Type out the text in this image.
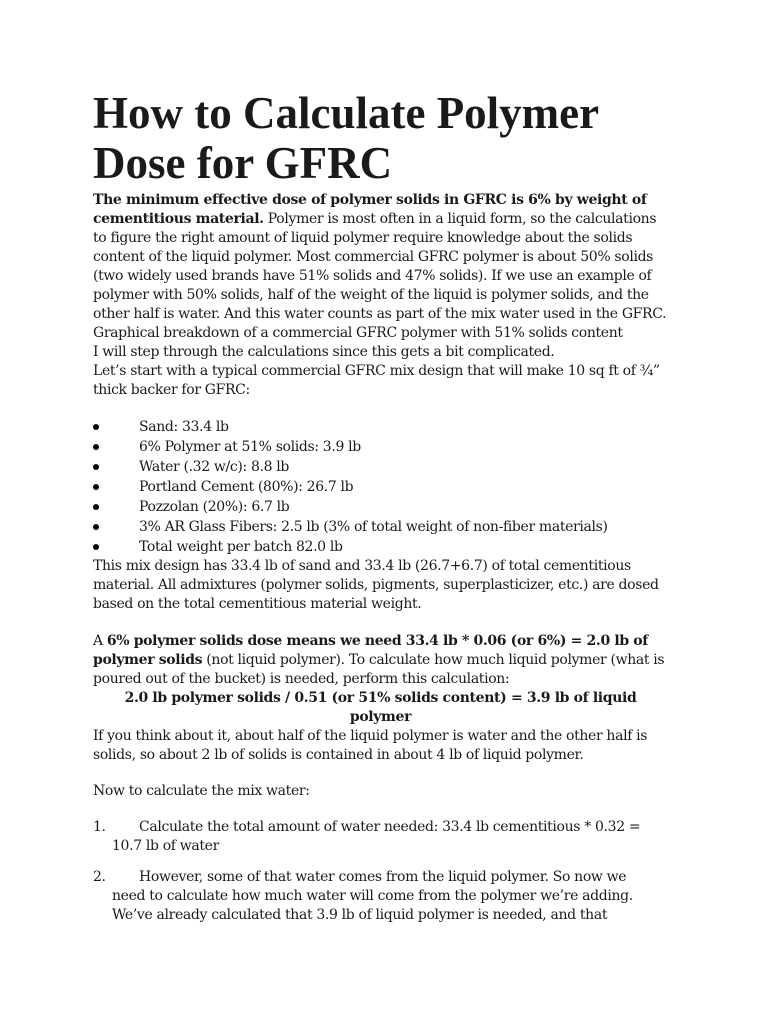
How to Calculate Polymer Dose for GFRC

The minimum effective dose of polymer solids in GFRC is 6% by weight of cementitious material. Polymer is most often in a liquid form, so the calculations to figure the right amount of liquid polymer require knowledge about the solids content of the liquid polymer. Most commercial GFRC polymer is about 50% solids (two widely used brands have 51% solids and 47% solids). If we use an example of polymer with 50% solids, half of the weight of the liquid is polymer solids, and the other half is water. And this water counts as part of the mix water used in the GFRC.

Graphical breakdown of a commercial GFRC polymer with 51% solids content

I will step through the calculations since this gets a bit complicated.

Let’s start with a typical commercial GFRC mix design that will make 10 sq ft of ¾” thick backer for GFRC:

Sand: 33.4 lb
6% Polymer at 51% solids: 3.9 lb
Water (.32 w/c): 8.8 lb
Portland Cement (80%): 26.7 lb
Pozzolan (20%): 6.7 lb
3% AR Glass Fibers: 2.5 lb (3% of total weight of non-fiber materials)
Total weight per batch 82.0 lb

This mix design has 33.4 lb of sand and 33.4 lb (26.7+6.7) of total cementitious material. All admixtures (polymer solids, pigments, superplasticizer, etc.) are dosed based on the total cementitious material weight.

A 6% polymer solids dose means we need 33.4 lb * 0.06 (or 6%) = 2.0 lb of polymer solids (not liquid polymer). To calculate how much liquid polymer (what is poured out of the bucket) is needed, perform this calculation:

2.0 lb polymer solids / 0.51 (or 51% solids content) = 3.9 lb of liquid polymer

If you think about it, about half of the liquid polymer is water and the other half is solids, so about 2 lb of solids is contained in about 4 lb of liquid polymer.

Now to calculate the mix water:

1. Calculate the total amount of water needed: 33.4 lb cementitious * 0.32 =
10.7 lb of water
2. However, some of that water comes from the liquid polymer. So now we
need to calculate how much water will come from the polymer we’re adding. We’ve already calculated that 3.9 lb of liquid polymer is needed, and that
